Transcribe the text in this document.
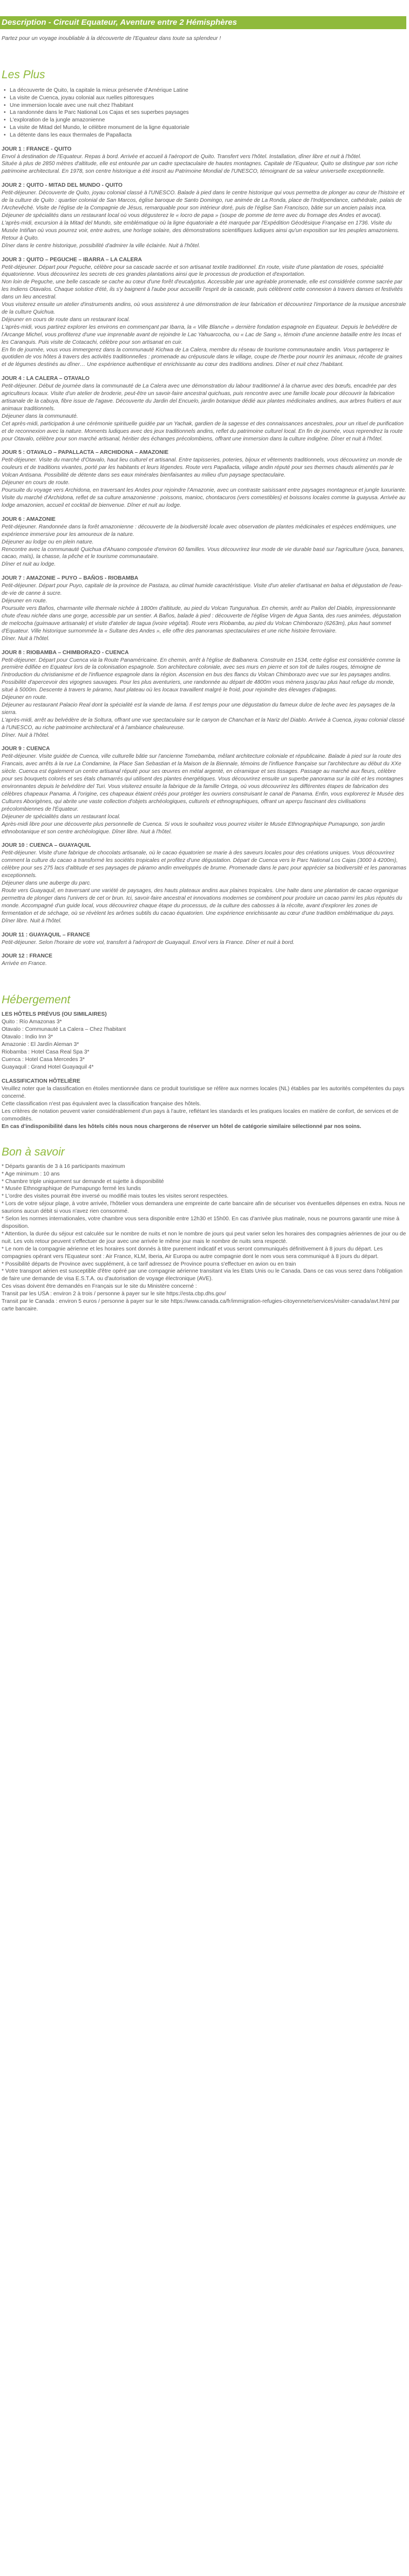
Description - Circuit Equateur, Aventure entre 2 Hémisphères
Partez pour un voyage inoubliable à la découverte de l'Equateur dans toute sa splendeur !
Les Plus
• La découverte de Quito, la capitale la mieux préservée d'Amérique Latine
• La visite de Cuenca, joyau colonial aux ruelles pittoresques
• Une immersion locale avec une nuit chez l'habitant
• La randonnée dans le Parc National Los Cajas et ses superbes paysages
• L'exploration de la jungle amazonienne
• La visite de Mitad del Mundo, le célèbre monument de la ligne équatoriale
• La détente dans les eaux thermales de Papallacta
JOUR 1 : FRANCE - QUITO

Envol à destination de l'Equateur. Repas à bord. Arrivée et accueil à l'aéroport de Quito. Transfert vers l'hôtel. Installation, dîner libre et nuit à l'hôtel.

Située à plus de 2850 mètres d'altitude, elle est entourée par un cadre spectaculaire de hautes montagnes. Capitale de l'Equateur, Quito se distingue par son riche patrimoine architectural. En 1978, son centre historique a été inscrit au Patrimoine Mondial de l'UNESCO, témoignant de sa valeur universelle exceptionnelle.

JOUR 2 : QUITO - MITAD DEL MUNDO - QUITO

Petit-déjeuner. Découverte de Quito, joyau colonial classé à l'UNESCO. Balade à pied dans le centre historique qui vous permettra de plonger au cœur de l'histoire et de la culture de Quito : quartier colonial de San Marcos, église baroque de Santo Domingo, rue animée de La Ronda, place de l'Indépendance, cathédrale, palais de l'Archevêché. Visite de l'église de la Compagnie de Jésus, remarquable pour son intérieur doré, puis de l'église San Francisco, bâtie sur un ancien palais inca.

Déjeuner de spécialités dans un restaurant local où vous dégusterez le « locro de papa » (soupe de pomme de terre avec du fromage des Andes et avocat).

L'après-midi, excursion à la Mitad del Mundo, site emblématique où la ligne équatoriale a été marquée par l'Expédition Géodésique Française en 1736. Visite du Musée Intiñan où vous pourrez voir, entre autres, une horloge solaire, des démonstrations scientifiques ludiques ainsi qu'un exposition sur les peuples amazoniens. Retour à Quito.

Dîner dans le centre historique, possibilité d'admirer la ville éclairée. Nuit à l'hôtel.

JOUR 3 : QUITO – PEGUCHE – IBARRA – LA CALERA

Petit-déjeuner. Départ pour Peguche, célèbre pour sa cascade sacrée et son artisanat textile traditionnel. En route, visite d'une plantation de roses, spécialité équatorienne. Vous découvrirez les secrets de ces grandes plantations ainsi que le processus de production et d'exportation.

Non loin de Peguche, une belle cascade se cache au cœur d'une forêt d'eucalyptus. Accessible par une agréable promenade, elle est considérée comme sacrée par les Indiens Otavalos. Chaque solstice d'été, ils s'y baignent à l'aube pour accueillir l'esprit de la cascade, puis célèbrent cette connexion à travers danses et festivités dans un lieu ancestral.

Vous visiterez ensuite un atelier d'instruments andins, où vous assisterez à une démonstration de leur fabrication et découvrirez l'importance de la musique ancestrale de la culture Quichua.

Déjeuner en cours de route dans un restaurant local.

L'après-midi, vous partirez explorer les environs en commençant par Ibarra, la « Ville Blanche » dernière fondation espagnole en Equateur. Depuis le belvédère de l'Arcange Michel, vous profiterez d'une vue imprenable avant de rejoindre le Lac Yahuarcocha, ou « Lac de Sang », témoin d'une ancienne bataille entre les Incas et les Caranquis. Puis visite de Cotacachi, célèbre pour son artisanat en cuir.

En fin de journée, vous vous immergerez dans la communauté Kichwa de La Calera, membre du réseau de tourisme communautaire andin. Vous partagerez le quotidien de vos hôtes à travers des activités traditionnelles : promenade au crépuscule dans le village, coupe de l'herbe pour nourrir les animaux, récolte de graines et de légumes destinés au dîner… Une expérience authentique et enrichissante au cœur des traditions andines. Dîner et nuit chez l'habitant.

JOUR 4 : LA CALERA – OTAVALO

Petit-déjeuner. Début de journée dans la communauté de La Calera avec une démonstration du labour traditionnel à la charrue avec des bœufs, encadrée par des agriculteurs locaux. Visite d'un atelier de broderie, peut-être un savoir-faire ancestral quichuas, puis rencontre avec une famille locale pour découvrir la fabrication artisanale de la cabuya, fibre issue de l'agave. Découverte du Jardin del Encuelo, jardin botanique dédié aux plantes médicinales andines, aux arbres fruitiers et aux animaux traditionnels.

Déjeuner dans la communauté.

Cet après-midi, participation à une cérémonie spirituelle guidée par un Yachak, gardien de la sagesse et des connaissances ancestrales, pour un rituel de purification et de reconnexion avec la nature. Moments ludiques avec des jeux traditionnels andins, reflet du patrimoine culturel local. En fin de journée, vous reprendrez la route pour Otavalo, célèbre pour son marché artisanal, héritier des échanges précolombiens, offrant une immersion dans la culture indigène. Dîner et nuit à l'hôtel.

JOUR 5 : OTAVALO – PAPALLACTA – ARCHIDONA – AMAZONIE

Petit-déjeuner. Visite du marché d'Otavalo, haut lieu culturel et artisanal. Entre tapisseries, poteries, bijoux et vêtements traditionnels, vous découvrirez un monde de couleurs et de traditions vivantes, porté par les habitants et leurs légendes. Route vers Papallacta, village andin réputé pour ses thermes chauds alimentés par le Volcan Antisana. Possibilité de détente dans ses eaux minérales bienfaisantes au milieu d'un paysage spectaculaire.

Déjeuner en cours de route.

Poursuite du voyage vers Archidona, en traversant les Andes pour rejoindre l'Amazonie, avec un contraste saisissant entre paysages montagneux et jungle luxuriante. Visite du marché d'Archidona, reflet de sa culture amazonienne : poissons, manioc, chontacuros (vers comestibles) et boissons locales comme la guayusa. Arrivée au lodge amazonien, accueil et cocktail de bienvenue. Dîner et nuit au lodge.

JOUR 6 : AMAZONIE

Petit-déjeuner. Randonnée dans la forêt amazonienne : découverte de la biodiversité locale avec observation de plantes médicinales et espèces endémiques, une expérience immersive pour les amoureux de la nature.

Déjeuner au lodge ou en plein nature.

Rencontre avec la communauté Quichua d'Ahuano composée d'environ 60 familles. Vous découvrirez leur mode de vie durable basé sur l'agriculture (yuca, bananes, cacao, maïs), la chasse, la pêche et le tourisme communautaire.

Dîner et nuit au lodge.

JOUR 7 : AMAZONIE – PUYO – BAÑOS - RIOBAMBA

Petit-déjeuner. Départ pour Puyo, capitale de la province de Pastaza, au climat humide caractéristique. Visite d'un atelier d'artisanat en balsa et dégustation de l'eau-de-vie de canne à sucre.

Déjeuner en route.

Poursuite vers Baños, charmante ville thermale nichée à 1800m d'altitude, au pied du Volcan Tungurahua. En chemin, arrêt au Pailon del Diablo, impressionnante chute d'eau nichée dans une gorge, accessible par un sentier. A Baños, balade à pied : découverte de l'église Virgen de Agua Santa, des rues animées, dégustation de melcocha (guimauve artisanale) et visite d'atelier de tagua (ivoire végétal). Route vers Riobamba, au pied du Volcan Chimborazo (6263m), plus haut sommet d'Equateur. Ville historique surnommée la « Sultane des Andes », elle offre des panoramas spectaculaires et une riche histoire ferroviaire.

Dîner. Nuit à l'hôtel.

JOUR 8 : RIOBAMBA – CHIMBORAZO - CUENCA

Petit-déjeuner. Départ pour Cuenca via la Route Panaméricaine. En chemin, arrêt à l'église de Balbanera. Construite en 1534, cette église est considérée comme la première édifiée en Equateur lors de la colonisation espagnole. Son architecture coloniale, avec ses murs en pierre et son toit de tuiles rouges, témoigne de l'introduction du christianisme et de l'influence espagnole dans la région. Ascension en bus des flancs du Volcan Chimborazo avec vue sur les paysages andins. Possibilité d'apercevoir des vigognes sauvages. Pour les plus aventuriers, une randonnée au départ de 4800m vous mènera jusqu'au plus haut refuge du monde, situé à 5000m. Descente à travers le páramo, haut plateau où les locaux travaillent malgré le froid, pour rejoindre des élevages d'alpagas.

Déjeuner en route.

Déjeuner au restaurant Palacio Real dont la spécialité est la viande de lama. Il est temps pour une dégustation du fameux dulce de leche avec les paysages de la sierra.

L'après-midi, arrêt au belvédère de la Soltura, offrant une vue spectaculaire sur le canyon de Chanchan et la Nariz del Diablo. Arrivée à Cuenca, joyau colonial classé à l'UNESCO, au riche patrimoine architectural et à l'ambiance chaleureuse.

Dîner. Nuit à l'hôtel.

JOUR 9 : CUENCA

Petit-déjeuner. Visite guidée de Cuenca, ville culturelle bâtie sur l'ancienne Tomebamba, mêlant architecture coloniale et républicaine. Balade à pied sur la route des Francais, avec arrêts à la rue La Condamine, la Place San Sebastian et la Maison de la Biennale, témoins de l'influence française sur l'architecture au début du XXe siècle. Cuenca est également un centre artisanal réputé pour ses œuvres en métal argenté, en céramique et ses tissages. Passage au marché aux fleurs, célèbre pour ses bouquets colorés et ses étals chamarrés qui utilisent des plantes énergétiques. Vous découvrirez ensuite un superbe panorama sur la cité et les montagnes environnantes depuis le belvédère del Turi. Vous visiterez ensuite la fabrique de la famille Ortega, où vous découvrirez les différentes étapes de fabrication des célèbres chapeaux Panama. À l'origine, ces chapeaux étaient créés pour protéger les ouvriers construisant le canal de Panama. Enfin, vous explorerez le Musée des Cultures Aborigènes, qui abrite une vaste collection d'objets archéologiques, culturels et ethnographiques, offrant un aperçu fascinant des civilisations précolombiennes de l'Équateur.

Déjeuner de spécialités dans un restaurant local.

Après-midi libre pour une découverte plus personnelle de Cuenca. Si vous le souhaitez vous pourrez visiter le Musée Ethnographique Pumapungo, son jardin ethnobotanique et son centre archéologique. Dîner libre. Nuit à l'hôtel.

JOUR 10 : CUENCA – GUAYAQUIL

Petit-déjeuner. Visite d'une fabrique de chocolats artisanale, où le cacao équatorien se marie à des saveurs locales pour des créations uniques. Vous découvrirez comment la culture du cacao a transformé les sociétés tropicales et profitez d'une dégustation. Départ de Cuenca vers le Parc National Los Cajas (3000 à 4200m), célèbre pour ses 275 lacs d'altitude et ses paysages de páramo andin enveloppés de brume. Promenade dans le parc pour apprécier sa biodiversité et les panoramas exceptionnels.

Déjeuner dans une auberge du parc.

Route vers Guayaquil, en traversant une variété de paysages, des hauts plateaux andins aux plaines tropicales. Une halte dans une plantation de cacao organique permettra de plonger dans l'univers de cet or brun. Ici, savoir-faire ancestral et innovations modernes se combinent pour produire un cacao parmi les plus réputés du monde. Accompagné d'un guide local, vous découvrirez chaque étape du processus, de la culture des cabosses à la récolte, avant d'explorer les zones de fermentation et de séchage, où se révèlent les arômes subtils du cacao équatorien. Une expérience enrichissante au cœur d'une tradition emblématique du pays. Dîner libre. Nuit à l'hôtel.

JOUR 11 : GUAYAQUIL – FRANCE

Petit-déjeuner. Selon l'horaire de votre vol, transfert à l'aéroport de Guayaquil. Envol vers la France. Dîner et nuit à bord.

JOUR 12 : FRANCE

Arrivée en France.

Hébergement
LES HÔTELS PRÉVUS (OU SIMILAIRES)
Quito : Río Amazonas 3*
Otavalo : Communauté La Calera – Chez l'habitant
Otavalo : Indio Inn 3*
Amazonie : El Jardín Aleman 3*
Riobamba : Hotel Casa Real Spa 3*
Cuenca : Hotel Casa Mercedes 3*
Guayaquil : Grand Hotel Guayaquil 4*
CLASSIFICATION HÔTELIÈRE

Veuillez noter que la classification en étoiles mentionnée dans ce produit touristique se réfère aux normes locales (NL) établies par les autorités compétentes du pays concerné.

Cette classification n'est pas équivalent avec la classification française des hôtels.

Les critères de notation peuvent varier considérablement d'un pays à l'autre, reflétant les standards et les pratiques locales en matière de confort, de services et de commodités.

En cas d'indisponibilité dans les hôtels cités nous nous chargerons de réserver un hôtel de catégorie similaire sélectionné par nos soins.

Bon à savoir
* Départs garantis de 3 à 16 participants maximum
* Age minimum : 10 ans
* Chambre triple uniquement sur demande et sujette à disponibilité
* Musée Ethnographique de Pumapungo fermé les lundis
* L'ordre des visites pourrait être inversé ou modifié mais toutes les visites seront respectées.
* Lors de votre séjour plage, à votre arrivée, l'hôtelier vous demandera une empreinte de carte bancaire afin de sécuriser vos éventuelles dépenses en extra. Nous ne saurions aucun débit si vous n'avez rien consommé.
* Selon les normes internationales, votre chambre vous sera disponible entre 12h30 et 15h00. En cas d'arrivée plus matinale, nous ne pourrons garantir une mise à disposition.
* Attention, la durée du séjour est calculée sur le nombre de nuits et non le nombre de jours qui peut varier selon les horaires des compagnies aériennes de jour ou de nuit. Les vols retour peuvent s'effectuer de jour avec une arrivée le même jour mais le nombre de nuits sera respecté.
* Le nom de la compagnie aérienne et les horaires sont donnés à titre purement indicatif et vous seront communiqués définitivement à 8 jours du départ. Les compagnies opérant vers l'Equateur sont : Air France, KLM, Iberia, Air Europa ou autre compagnie dont le nom vous sera communiqué à 8 jours du départ.
* Possibilité départs de Province avec supplément, à ce tarif adressez de Province pourra s'effectuer en avion ou en train
* Votre transport aérien est susceptible d'être opéré par une compagnie aérienne transitant via les Etats Unis ou le Canada. Dans ce cas vous serez dans l'obligation de faire une demande de visa E.S.T.A. ou d'autorisation de voyage électronique (AVE).
Ces visas doivent être demandés en Français sur le site du Ministère concerné :
Transit par les USA : environ 2 à trois / personne à payer sur le site https://esta.cbp.dhs.gov/
Transit par le Canada : environ 5 euros / personne à payer sur le site https://www.canada.ca/fr/immigration-refugies-citoyennete/services/visiter-canada/avt.html par carte bancaire.
